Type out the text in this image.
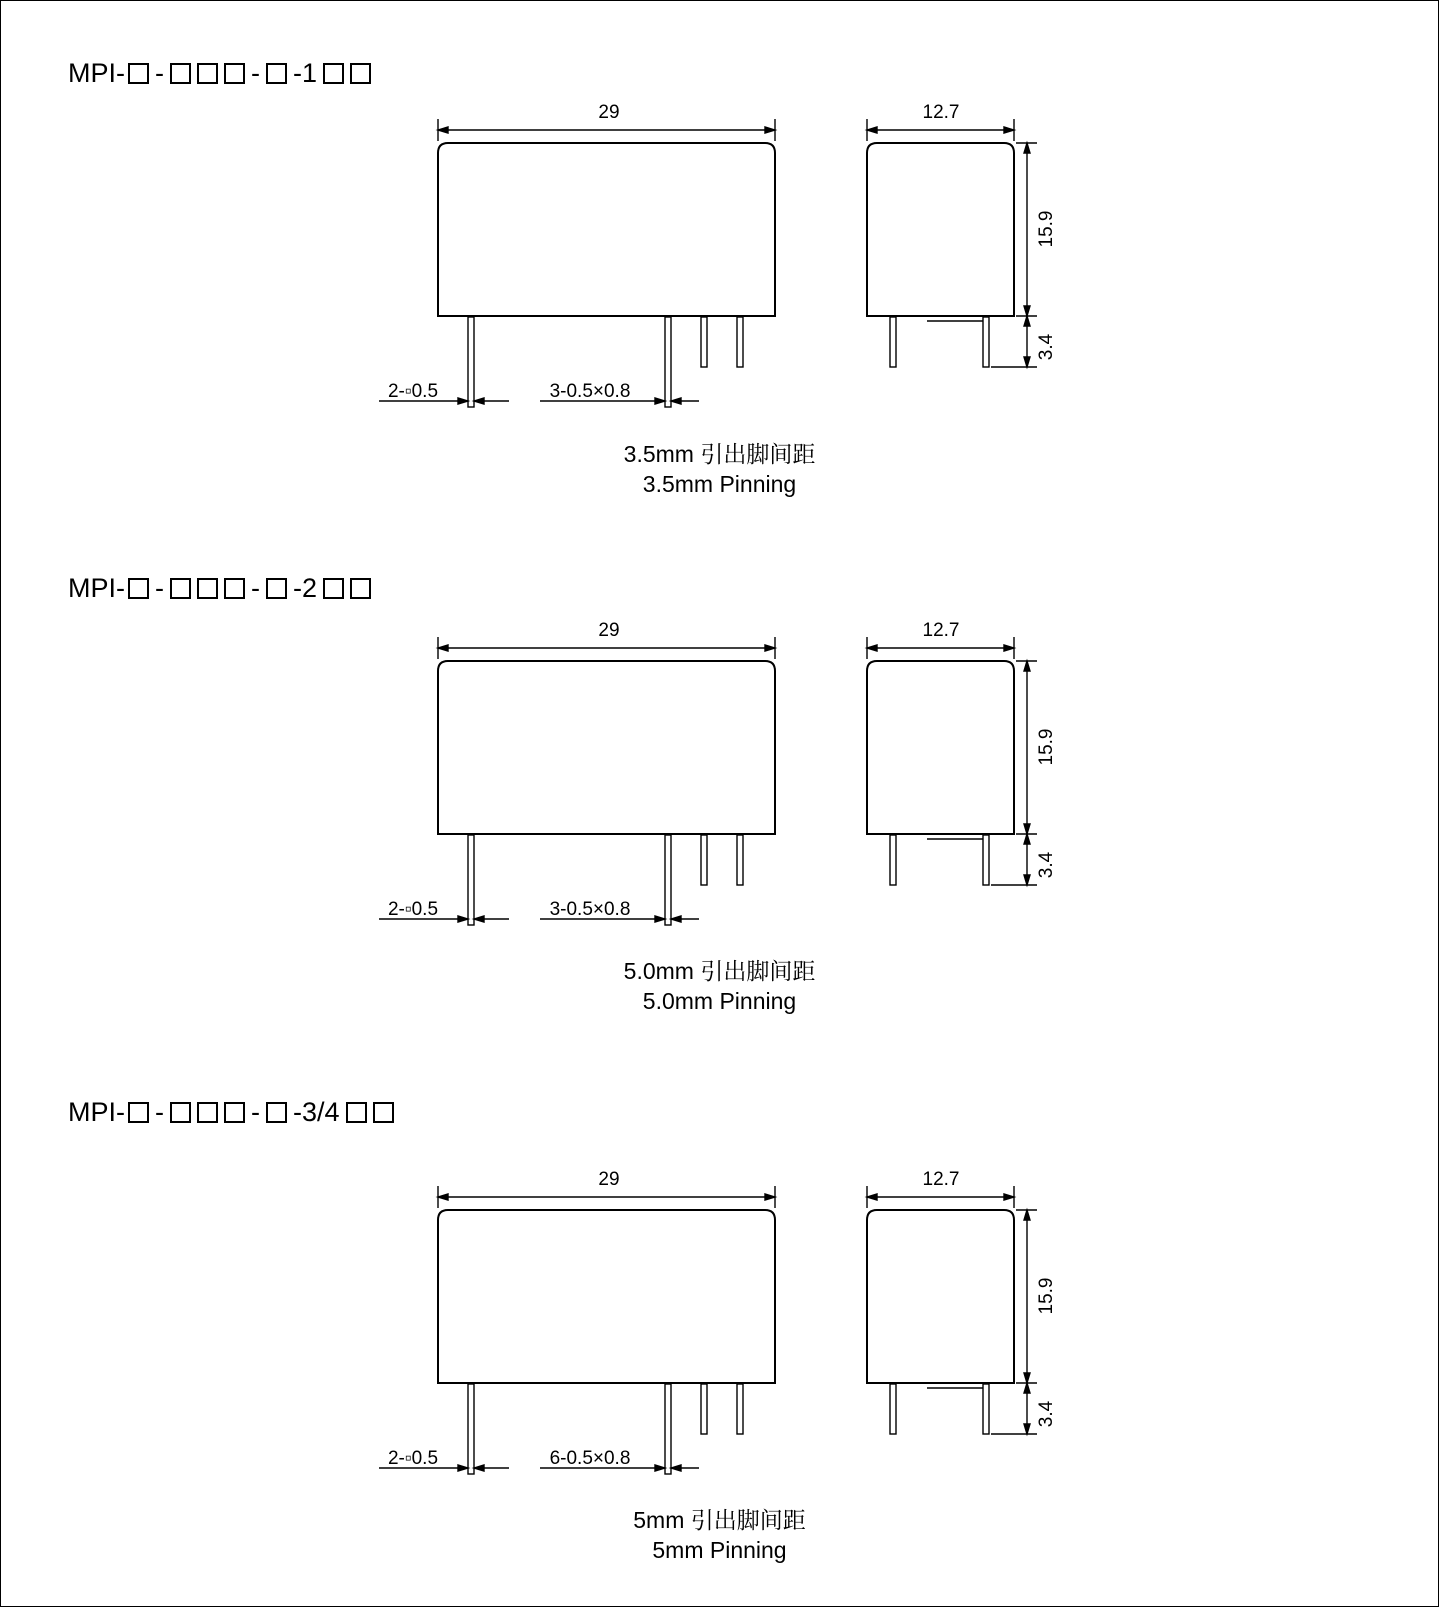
MPI- -	- -1
29	12.7
15.9
3.4
2-▫0.5	3-0.5×0.8
3.5mm 引出脚间距
3.5mm Pinning
MPI- -	- -2
29	12.7
15.9
3.4
2-▫0.5	3-0.5×0.8
5.0mm 引出脚间距
5.0mm Pinning
MPI- -	- -3/4
29	12.7
15.9
3.4
2-▫0.5	6-0.5×0.8
5mm 引出脚间距
5mm Pinning
